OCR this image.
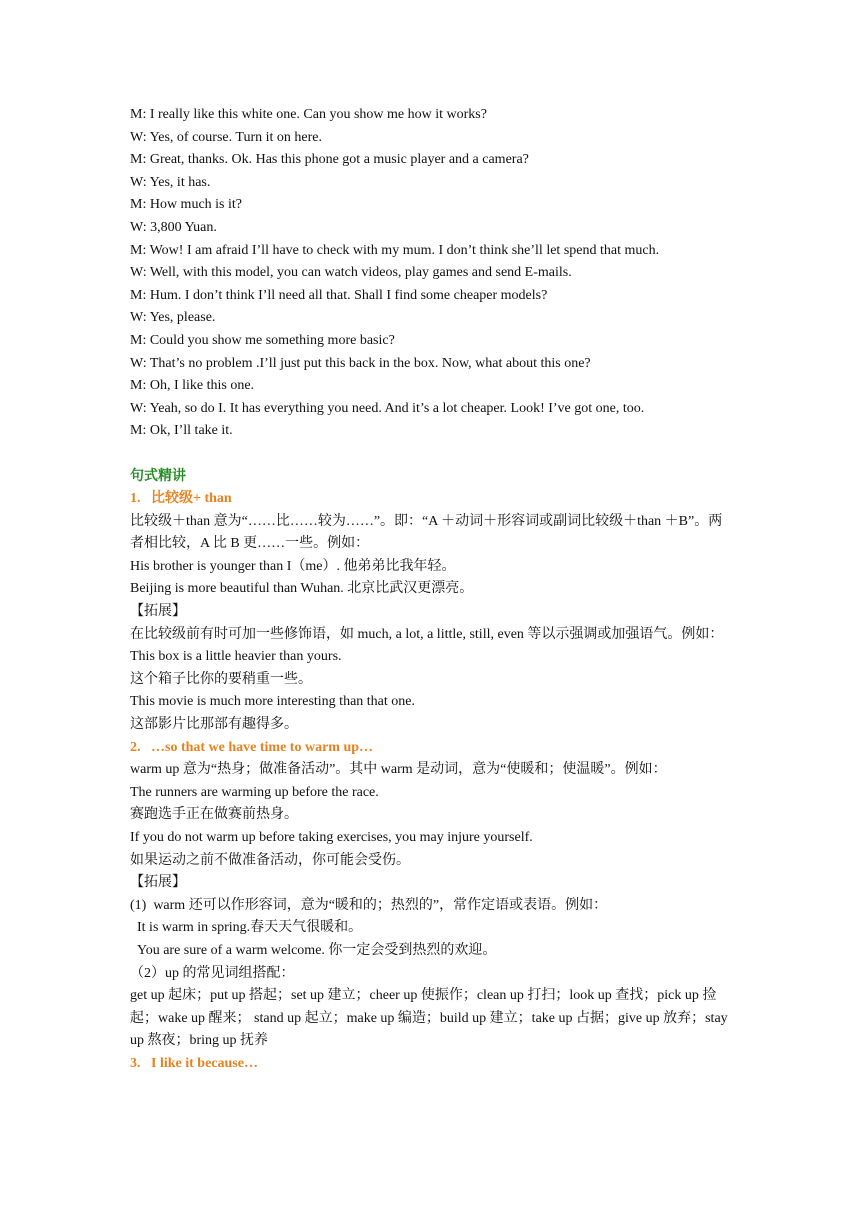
M: I really like this white one. Can you show me how it works?
W: Yes, of course. Turn it on here.
M: Great, thanks. Ok. Has this phone got a music player and a camera?
W: Yes, it has.
M: How much is it?
W: 3,800 Yuan.
M: Wow! I am afraid I’ll have to check with my mum. I don’t think she’ll let spend that much.
W: Well, with this model, you can watch videos, play games and send E-mails.
M: Hum. I don’t think I’ll need all that. Shall I find some cheaper models?
W: Yes, please.
M: Could you show me something more basic?
W: That’s no problem .I’ll just put this back in the box. Now, what about this one?
M: Oh, I like this one.
W: Yeah, so do I. It has everything you need. And it’s a lot cheaper. Look! I’ve got one, too.
M: Ok, I’ll take it.
句式精讲
1.   比较级+ than
比较级＋than 意为“……比……较为……”。即：“A ＋动词＋形容词或副词比较级＋than ＋B”。两者相比较，A 比 B 更……一些。例如：
His brother is younger than I（me）. 他弟弟比我年轻。
Beijing is more beautiful than Wuhan. 北京比武汉更漂亮。
【拓展】
在比较级前有时可加一些修饰语，如 much, a lot, a little, still, even 等以示强调或加强语气。例如：
This box is a little heavier than yours.
这个箱子比你的要稍重一些。
This movie is much more interesting than that one.
这部影片比那部有趣得多。
2.   …so that we have time to warm up…
warm up 意为“热身；做准备活动”。其中 warm 是动词，意为“使暖和；使温暖”。例如：
The runners are warming up before the race.
赛跑选手正在做赛前热身。
If you do not warm up before taking exercises, you may injure yourself.
如果运动之前不做准备活动，你可能会受伤。
【拓展】
(1)  warm 还可以作形容词，意为“暖和的；热烈的”，常作定语或表语。例如：
It is warm in spring.春天天气很暖和。
You are sure of a warm welcome. 你一定会受到热烈的欢迎。
（2）up 的常见词组搭配：
get up 起床；put up 搭起；set up 建立；cheer up 使振作；clean up 打扫；look up 查找；pick up 捡起；wake up 醒来； stand up 起立；make up 编造；build up 建立；take up 占据；give up 放弃；stay up 熬夜；bring up 抚养
3.   I like it because…
